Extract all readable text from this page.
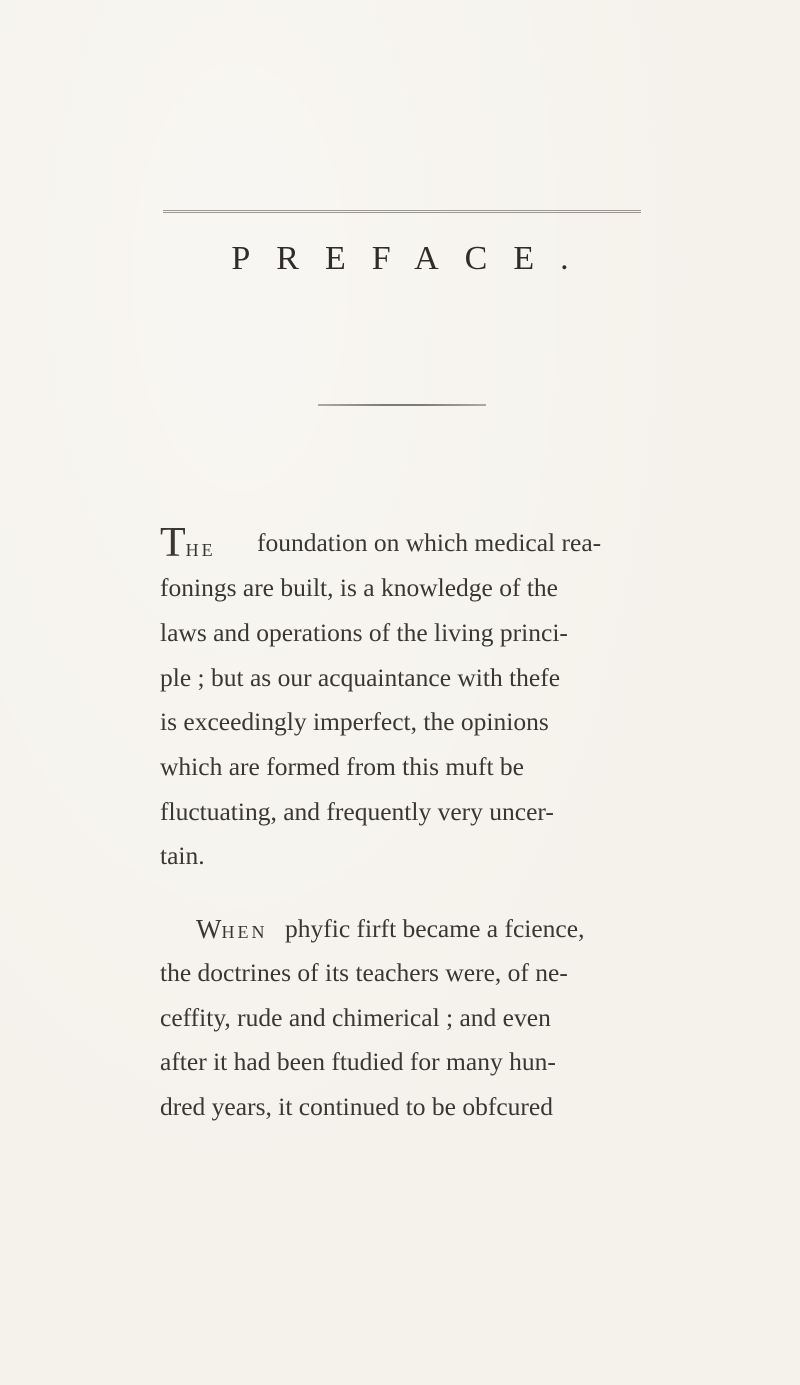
PREFACE.
THE foundation on which medical rea-
fonings are built, is a knowledge of the
laws and operations of the living princi-
ple ; but as our acquaintance with thefe
is exceedingly imperfect, the opinions
which are formed from this muft be
fluctuating, and frequently very uncer-
tain.
WHEN phyfic firft became a fcience,
the doctrines of its teachers were, of ne-
ceffity, rude and chimerical ; and even
after it had been ftudied for many hun-
dred years, it continued to be obfcured
